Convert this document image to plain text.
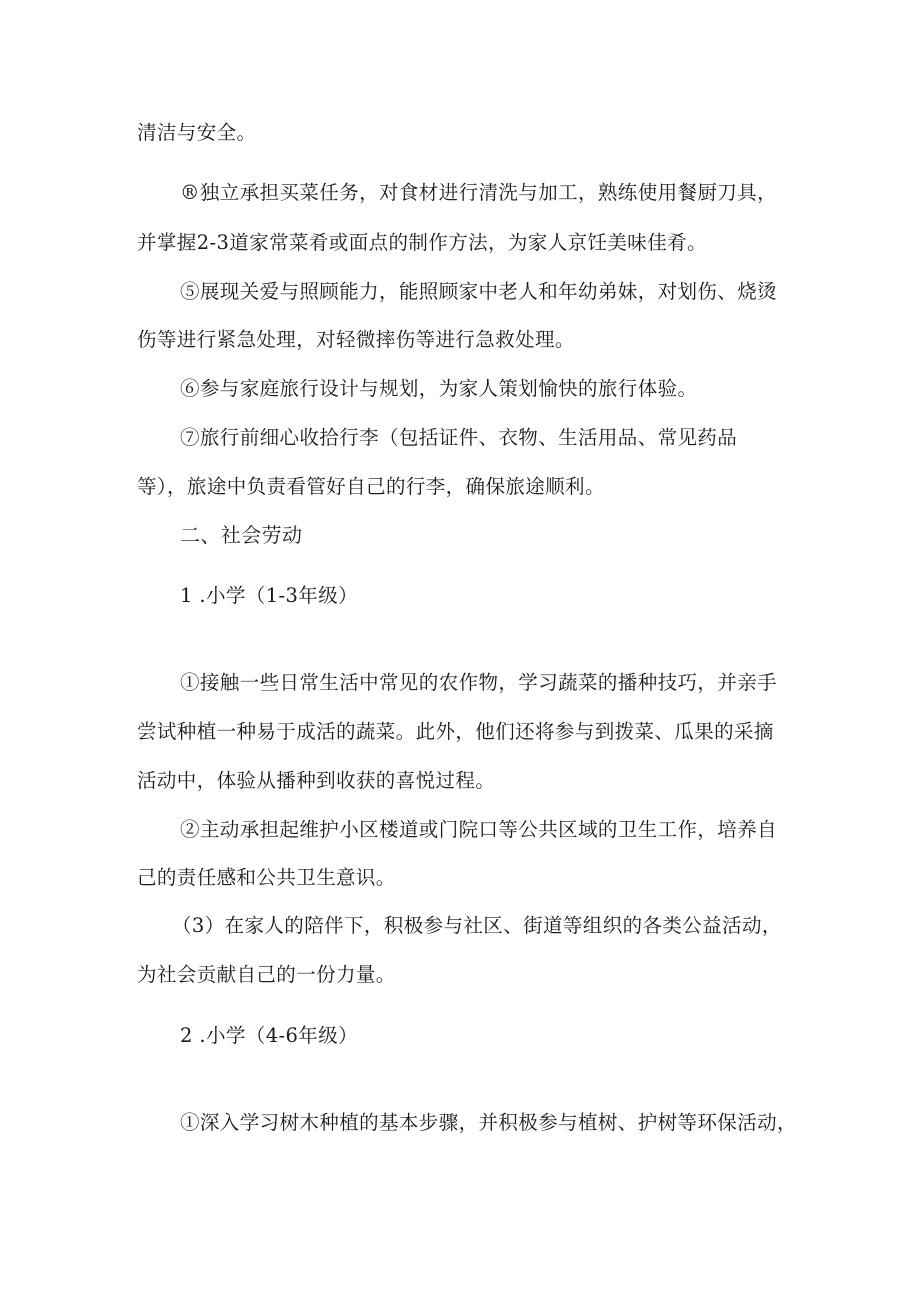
清洁与安全。
®独立承担买菜任务，对食材进行清洗与加工，熟练使用餐厨刀具，
并掌握2-3道家常菜肴或面点的制作方法，为家人京饪美味佳肴。
⑤展现关爱与照顾能力，能照顾家中老人和年幼弟妹，对划伤、烧烫
伤等进行紧急处理，对轻微摔伤等进行急救处理。
⑥参与家庭旅行设计与规划，为家人策划愉快的旅行体验。
⑦旅行前细心收拾行李（包括证件、衣物、生活用品、常见药品
等），旅途中负责看管好自己的行李，确保旅途顺利。
二、社会劳动
1 .小学（1-3年级）
①接触一些日常生活中常见的农作物，学习蔬菜的播种技巧，并亲手
尝试种植一种易于成活的蔬菜。此外，他们还将参与到拨菜、瓜果的采摘
活动中，体验从播种到收获的喜悦过程。
②主动承担起维护小区楼道或门院口等公共区域的卫生工作，培养自
己的责任感和公共卫生意识。
（3）在家人的陪伴下，积极参与社区、街道等组织的各类公益活动，
为社会贡献自己的一份力量。
2 .小学（4-6年级）
①深入学习树木种植的基本步骤，并积极参与植树、护树等环保活动，
